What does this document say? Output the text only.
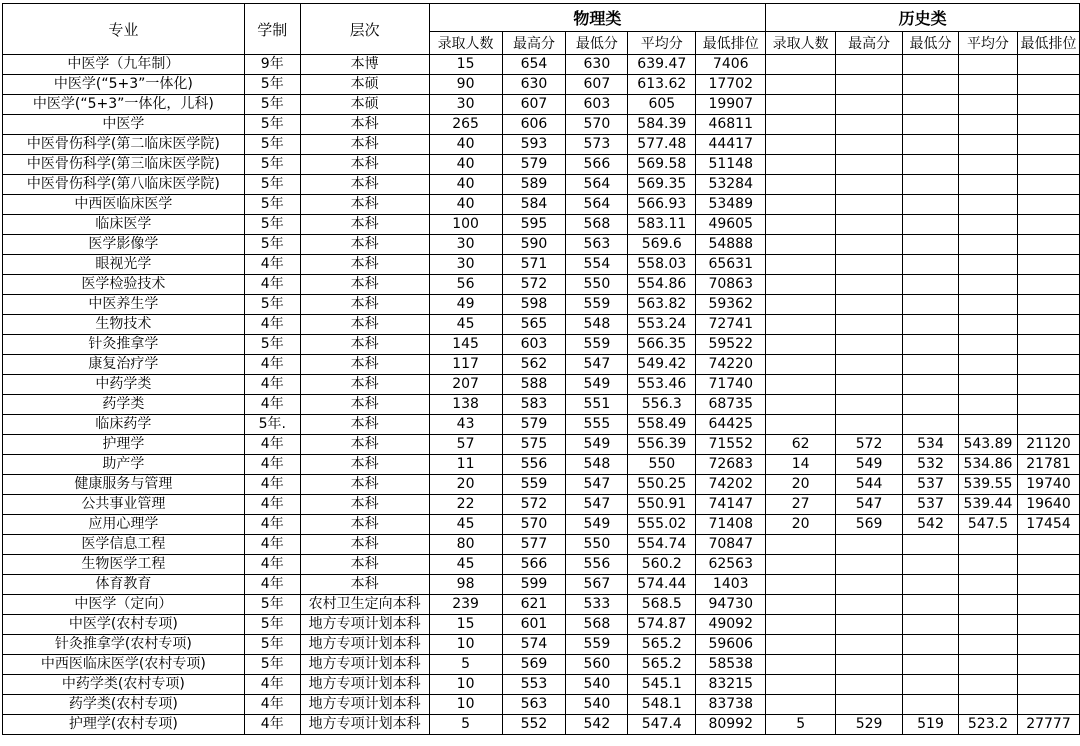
专业	学制	层次	物理类					历史类				
			录取人数	最高分	最低分	平均分	最低排位	录取人数	最高分	最低分	平均分	最低排位
中医学（九年制）	9年	本博	15	654	630	639.47	7406					
中医学(“5+3”一体化)	5年	本硕	90	630	607	613.62	17702					
中医学(“5+3”一体化，儿科)	5年	本硕	30	607	603	605	19907					
中医学	5年	本科	265	606	570	584.39	46811					
中医骨伤科学(第二临床医学院)	5年	本科	40	593	573	577.48	44417					
中医骨伤科学(第三临床医学院)	5年	本科	40	579	566	569.58	51148					
中医骨伤科学(第八临床医学院)	5年	本科	40	589	564	569.35	53284					
中西医临床医学	5年	本科	40	584	564	566.93	53489					
临床医学	5年	本科	100	595	568	583.11	49605					
医学影像学	5年	本科	30	590	563	569.6	54888					
眼视光学	4年	本科	30	571	554	558.03	65631					
医学检验技术	4年	本科	56	572	550	554.86	70863					
中医养生学	5年	本科	49	598	559	563.82	59362					
生物技术	4年	本科	45	565	548	553.24	72741					
针灸推拿学	5年	本科	145	603	559	566.35	59522					
康复治疗学	4年	本科	117	562	547	549.42	74220					
中药学类	4年	本科	207	588	549	553.46	71740					
药学类	4年	本科	138	583	551	556.3	68735					
临床药学	5年.	本科	43	579	555	558.49	64425					
护理学	4年	本科	57	575	549	556.39	71552	62	572	534	543.89	21120
助产学	4年	本科	11	556	548	550	72683	14	549	532	534.86	21781
健康服务与管理	4年	本科	20	559	547	550.25	74202	20	544	537	539.55	19740
公共事业管理	4年	本科	22	572	547	550.91	74147	27	547	537	539.44	19640
应用心理学	4年	本科	45	570	549	555.02	71408	20	569	542	547.5	17454
医学信息工程	4年	本科	80	577	550	554.74	70847					
生物医学工程	4年	本科	45	566	556	560.2	62563					
体育教育	4年	本科	98	599	567	574.44	1403					
中医学（定向）	5年	农村卫生定向本科	239	621	533	568.5	94730					
中医学(农村专项)	5年	地方专项计划本科	15	601	568	574.87	49092					
针灸推拿学(农村专项)	5年	地方专项计划本科	10	574	559	565.2	59606					
中西医临床医学(农村专项)	5年	地方专项计划本科	5	569	560	565.2	58538					
中药学类(农村专项)	4年	地方专项计划本科	10	553	540	545.1	83215					
药学类(农村专项)	4年	地方专项计划本科	10	563	540	548.1	83738					
护理学(农村专项)	4年	地方专项计划本科	5	552	542	547.4	80992	5	529	519	523.2	27777
